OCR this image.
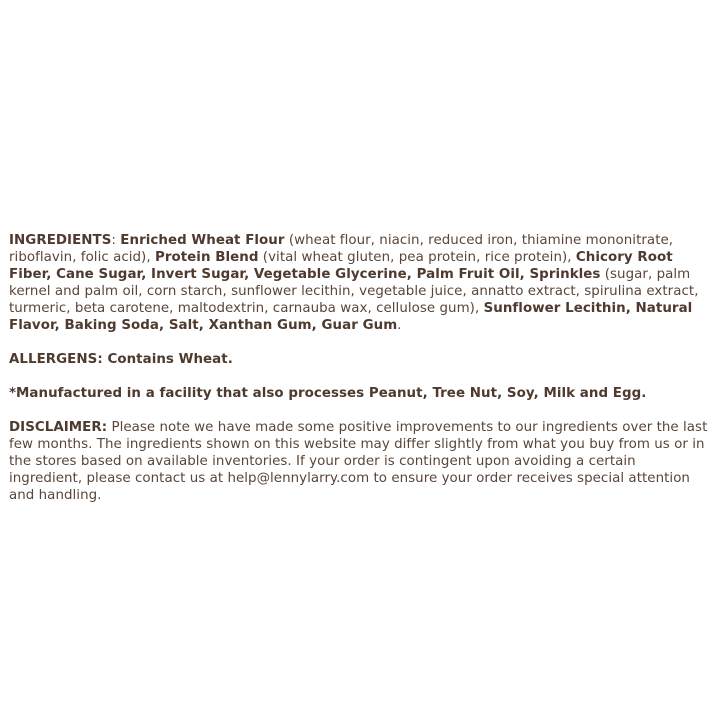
INGREDIENTS: Enriched Wheat Flour (wheat flour, niacin, reduced iron, thiamine mononitrate, riboflavin, folic acid), Protein Blend (vital wheat gluten, pea protein, rice protein), Chicory Root Fiber, Cane Sugar, Invert Sugar, Vegetable Glycerine, Palm Fruit Oil, Sprinkles (sugar, palm kernel and palm oil, corn starch, sunflower lecithin, vegetable juice, annatto extract, spirulina extract, turmeric, beta carotene, maltodextrin, carnauba wax, cellulose gum), Sunflower Lecithin, Natural Flavor, Baking Soda, Salt, Xanthan Gum, Guar Gum.

ALLERGENS: Contains Wheat.

*Manufactured in a facility that also processes Peanut, Tree Nut, Soy, Milk and Egg.

DISCLAIMER: Please note we have made some positive improvements to our ingredients over the last few months. The ingredients shown on this website may differ slightly from what you buy from us or in the stores based on available inventories. If your order is contingent upon avoiding a certain ingredient, please contact us at help@lennylarry.com to ensure your order receives special attention and handling.
